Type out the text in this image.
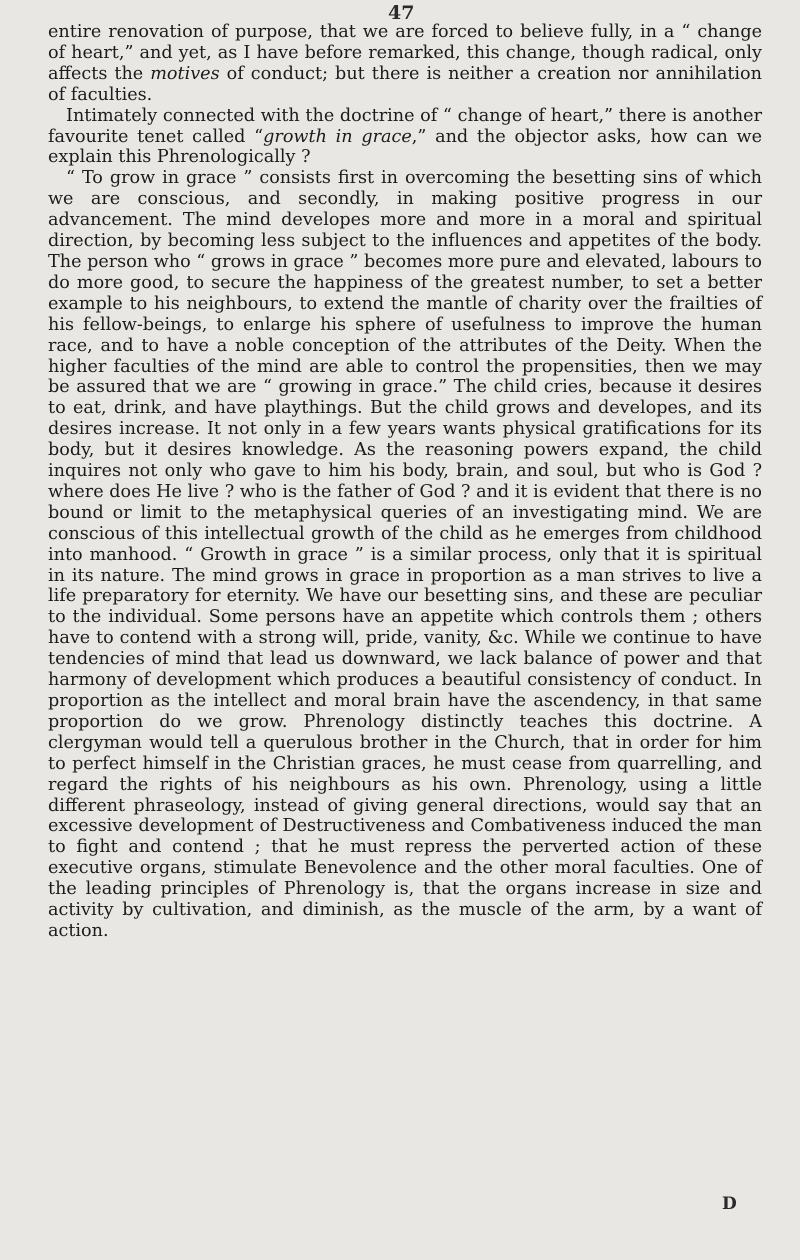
47

entire renovation of purpose, that we are forced to believe fully, in a “ change of heart,” and yet, as I have before remarked, this change, though radical, only affects the motives of conduct; but there is neither a creation nor annihilation of faculties.

Intimately connected with the doctrine of “ change of heart,” there is another favourite tenet called “growth in grace,” and the objector asks, how can we explain this Phrenologically ?

“ To grow in grace ” consists first in overcoming the besetting sins of which we are conscious, and secondly, in making positive progress in our advancement. The mind developes more and more in a moral and spiritual direction, by becoming less subject to the influences and appetites of the body. The person who “ grows in grace ” becomes more pure and elevated, labours to do more good, to secure the happiness of the greatest number, to set a better example to his neighbours, to extend the mantle of charity over the frailties of his fellow-beings, to enlarge his sphere of usefulness to improve the human race, and to have a noble conception of the attributes of the Deity. When the higher faculties of the mind are able to control the propensities, then we may be assured that we are “ growing in grace.” The child cries, because it desires to eat, drink, and have playthings. But the child grows and developes, and its desires increase. It not only in a few years wants physical gratifications for its body, but it desires knowledge. As the reasoning powers expand, the child inquires not only who gave to him his body, brain, and soul, but who is God ? where does He live ? who is the father of God ? and it is evident that there is no bound or limit to the metaphysical queries of an investigating mind. We are conscious of this intellectual growth of the child as he emerges from childhood into manhood. “ Growth in grace ” is a similar process, only that it is spiritual in its nature. The mind grows in grace in proportion as a man strives to live a life preparatory for eternity. We have our besetting sins, and these are peculiar to the individual. Some persons have an appetite which controls them ; others have to contend with a strong will, pride, vanity, &c. While we continue to have tendencies of mind that lead us downward, we lack balance of power and that harmony of development which produces a beautiful consistency of conduct. In proportion as the intellect and moral brain have the ascendency, in that same proportion do we grow. Phrenology distinctly teaches this doctrine. A clergyman would tell a querulous brother in the Church, that in order for him to perfect himself in the Christian graces, he must cease from quarrelling, and regard the rights of his neighbours as his own. Phrenology, using a little different phraseology, instead of giving general directions, would say that an excessive development of Destructiveness and Combativeness induced the man to fight and contend ; that he must repress the perverted action of these executive organs, stimulate Benevolence and the other moral faculties. One of the leading principles of Phrenology is, that the organs increase in size and activity by cultivation, and diminish, as the muscle of the arm, by a want of action.

D
